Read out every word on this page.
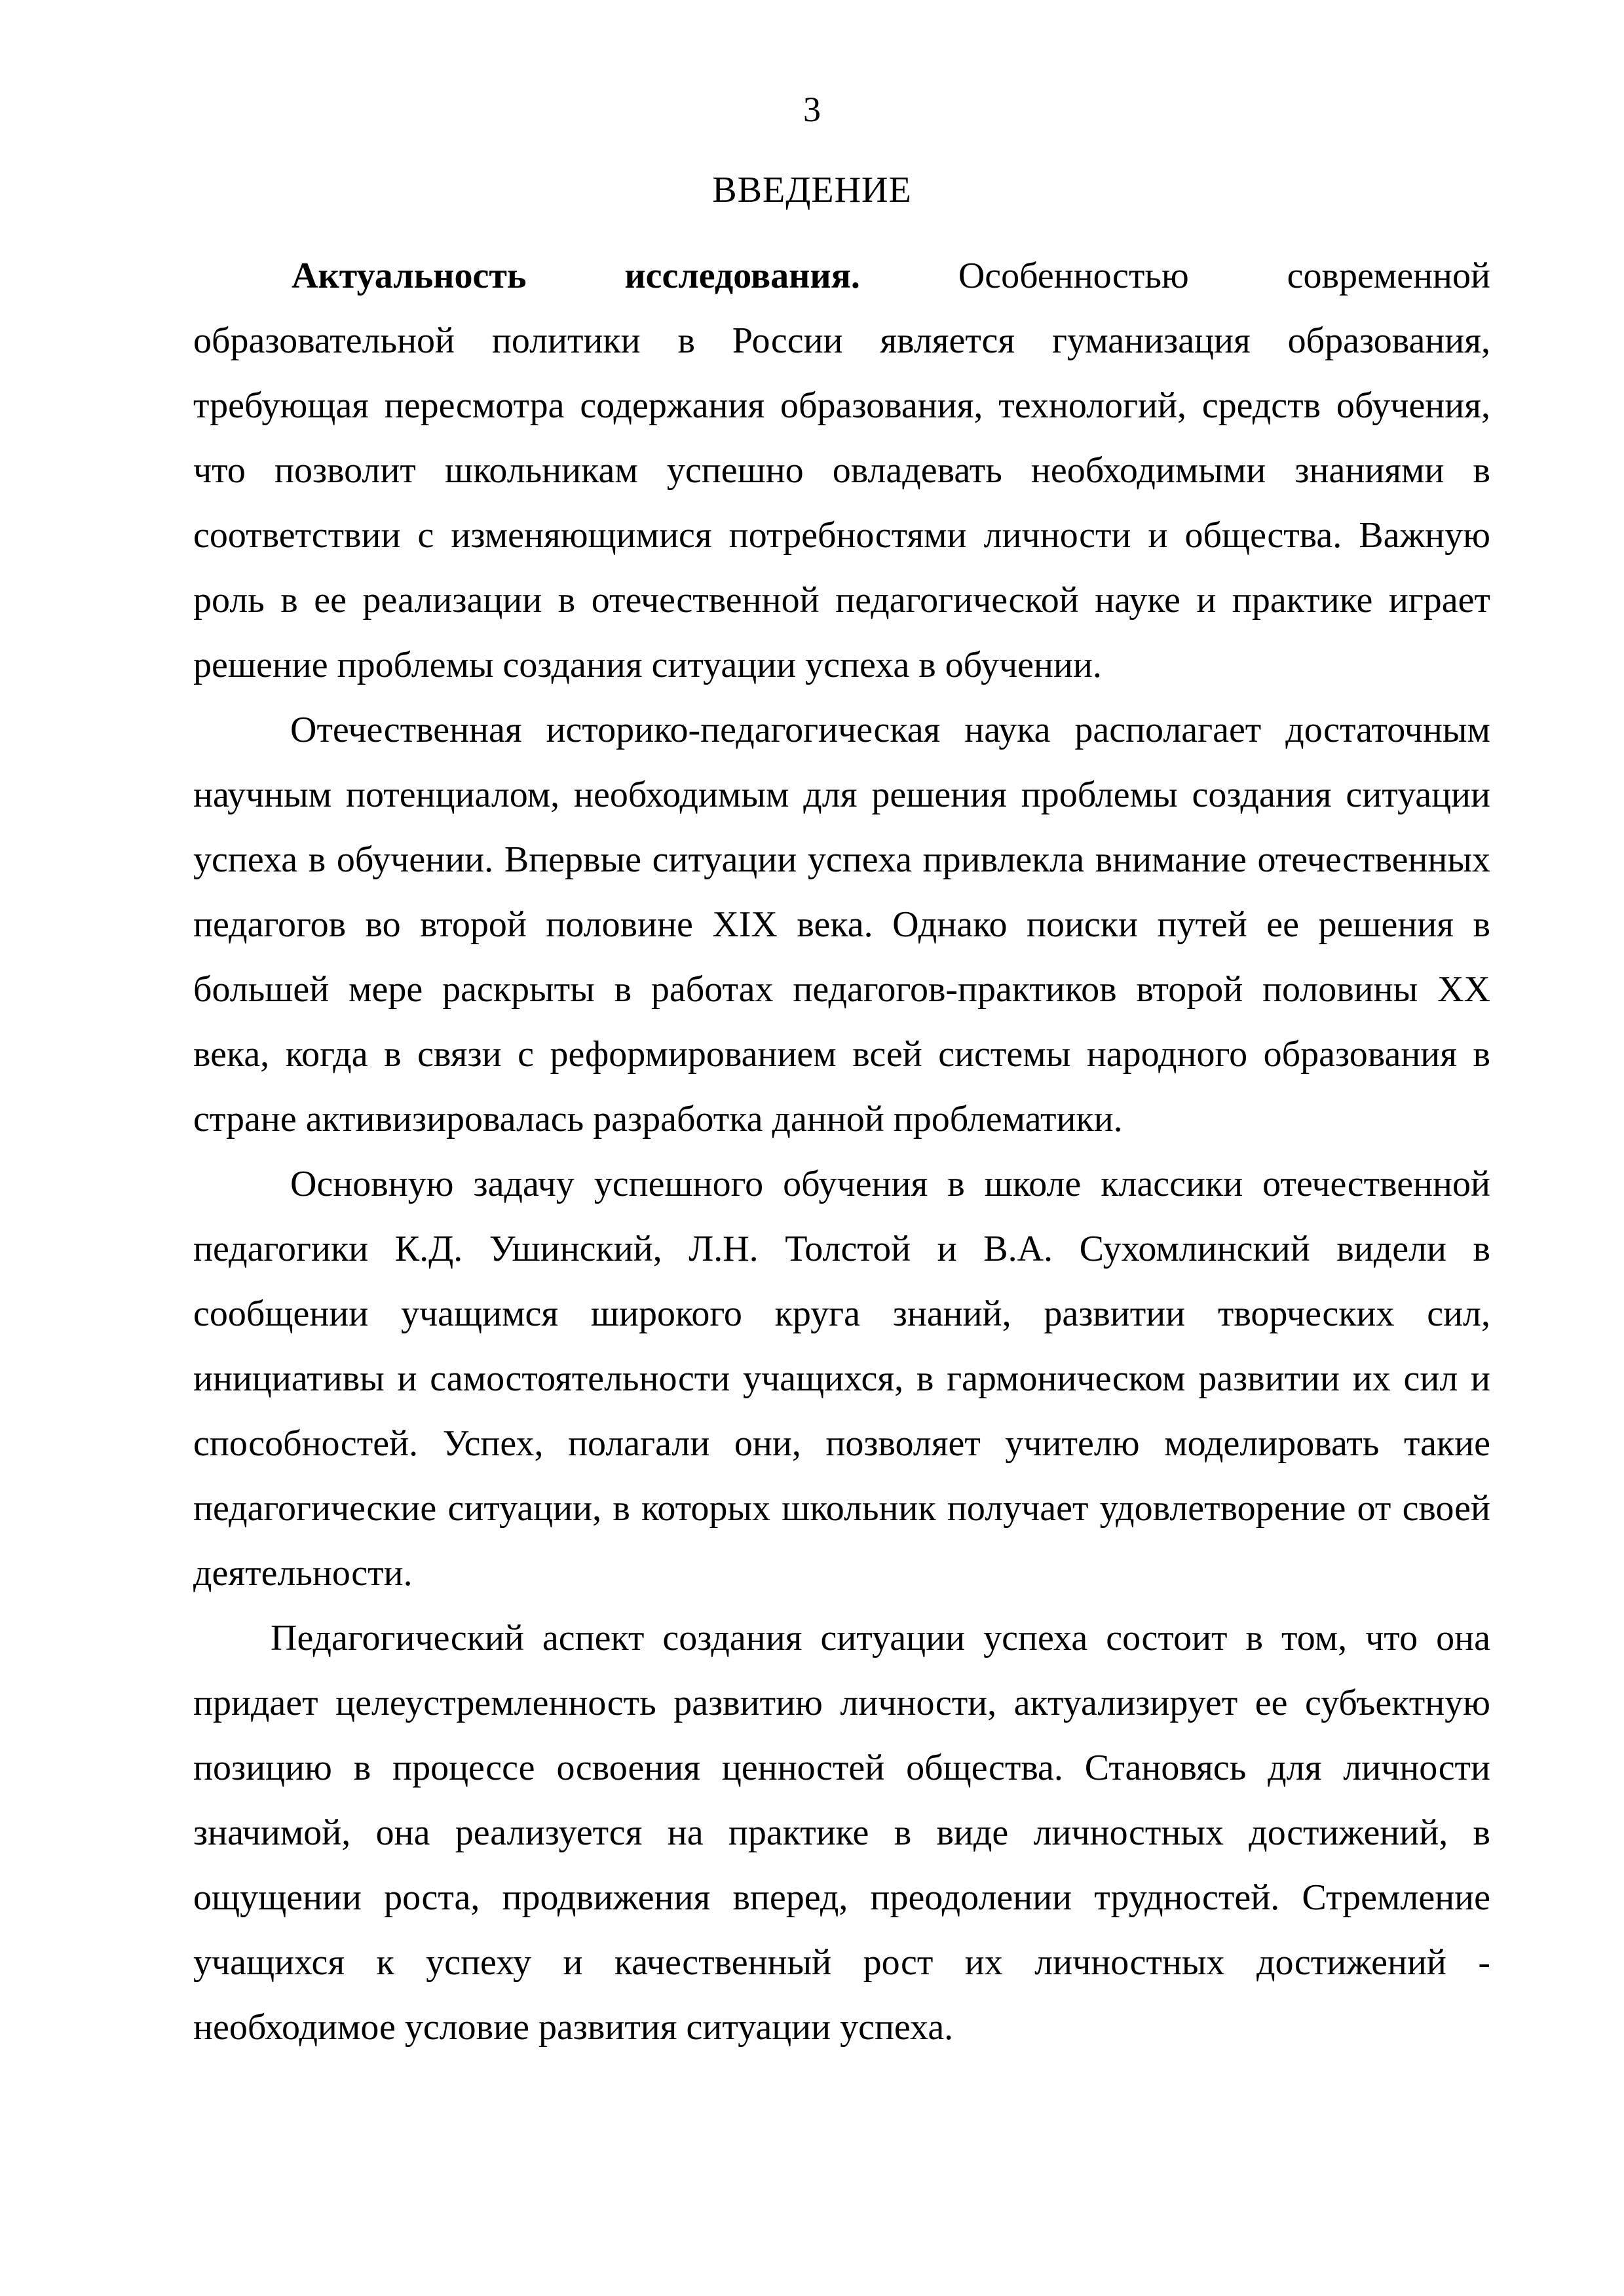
3
ВВЕДЕНИЕ

Актуальность исследования. Особенностью современной образовательной политики в России является гуманизация образования, требующая пересмотра содержания образования, технологий, средств обучения, что позволит школьникам успешно овладевать необходимыми знаниями в соответствии с изменяющимися потребностями личности и общества. Важную роль в ее реализации в отечественной педагогической науке и практике играет решение проблемы создания ситуации успеха в обучении.

Отечественная историко-педагогическая наука располагает достаточным научным потенциалом, необходимым для решения проблемы создания ситуации успеха в обучении. Впервые ситуации успеха привлекла внимание отечественных педагогов во второй половине XIX века. Однако поиски путей ее решения в большей мере раскрыты в работах педагогов-практиков второй половины XX века, когда в связи с реформированием всей системы народного образования в стране активизировалась разработка данной проблематики.

Основную задачу успешного обучения в школе классики отечественной педагогики К.Д. Ушинский, Л.Н. Толстой и В.А. Сухомлинский видели в сообщении учащимся широкого круга знаний, развитии творческих сил, инициативы и самостоятельности учащихся, в гармоническом развитии их сил и способностей. Успех, полагали они, позволяет учителю моделировать такие педагогические ситуации, в которых школьник получает удовлетворение от своей деятельности.

Педагогический аспект создания ситуации успеха состоит в том, что она придает целеустремленность развитию личности, актуализирует ее субъектную позицию в процессе освоения ценностей общества. Становясь для личности значимой, она реализуется на практике в виде личностных достижений, в ощущении роста, продвижения вперед, преодолении трудностей. Стремление учащихся к успеху и качественный рост их личностных достижений - необходимое условие развития ситуации успеха.
